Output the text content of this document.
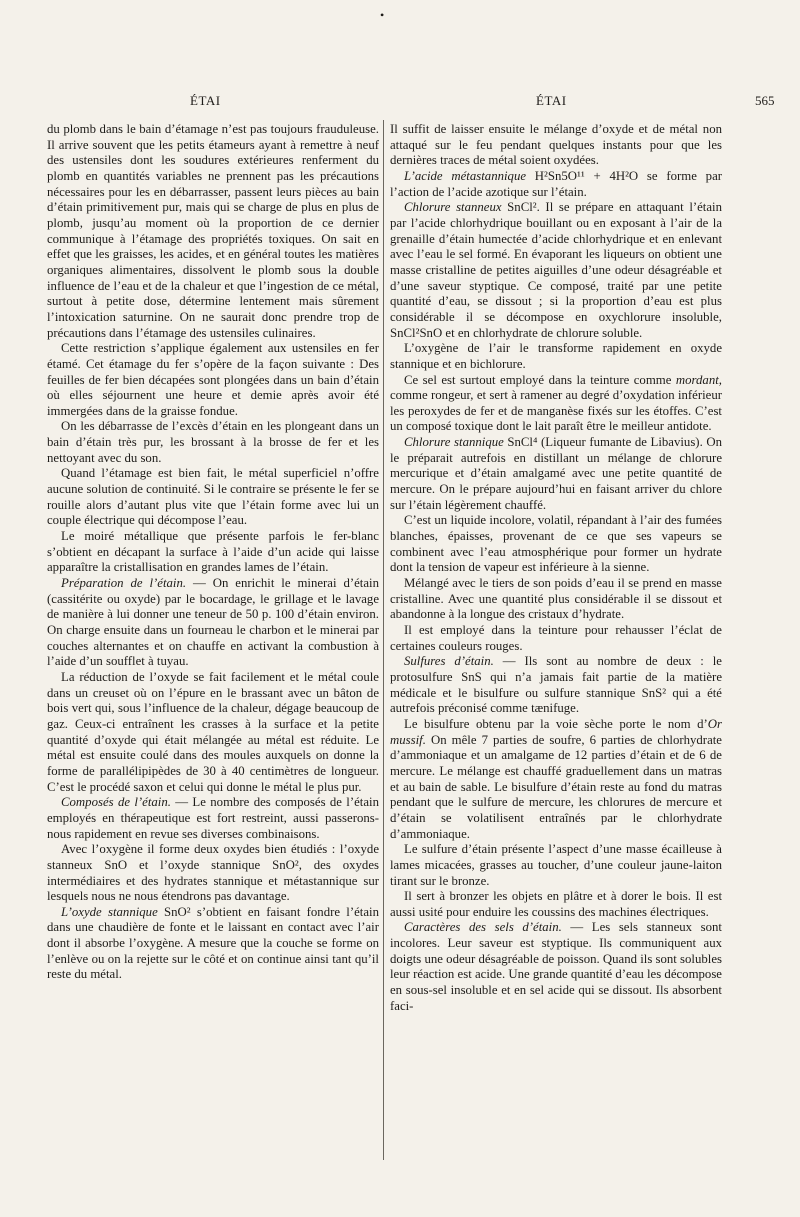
•
ÉTAI	ÉTAI	565

du plomb dans le bain d’étamage n’est pas toujours frauduleuse. Il arrive souvent que les petits étameurs ayant à remettre à neuf des ustensiles dont les soudures extérieures renferment du plomb en quantités variables ne prennent pas les précautions nécessaires pour les en débarrasser, passent leurs pièces au bain d’étain primitivement pur, mais qui se charge de plus en plus de plomb, jusqu’au moment où la proportion de ce dernier communique à l’étamage des propriétés toxiques. On sait en effet que les graisses, les acides, et en général toutes les matières organiques alimentaires, dissolvent le plomb sous la double influence de l’eau et de la chaleur et que l’ingestion de ce métal, surtout à petite dose, détermine lentement mais sûrement l’intoxication saturnine. On ne saurait donc prendre trop de précautions dans l’étamage des ustensiles culinaires.

Cette restriction s’applique également aux ustensiles en fer étamé. Cet étamage du fer s’opère de la façon suivante : Des feuilles de fer bien décapées sont plongées dans un bain d’étain où elles séjournent une heure et demie après avoir été immergées dans de la graisse fondue.

On les débarrasse de l’excès d’étain en les plongeant dans un bain d’étain très pur, les brossant à la brosse de fer et les nettoyant avec du son.

Quand l’étamage est bien fait, le métal superficiel n’offre aucune solution de continuité. Si le contraire se présente le fer se rouille alors d’autant plus vite que l’étain forme avec lui un couple électrique qui décompose l’eau.

Le moiré métallique que présente parfois le fer-blanc s’obtient en décapant la surface à l’aide d’un acide qui laisse apparaître la cristallisation en grandes lames de l’étain.

Préparation de l’étain. — On enrichit le minerai d’étain (cassitérite ou oxyde) par le bocardage, le grillage et le lavage de manière à lui donner une teneur de 50 p. 100 d’étain environ. On charge ensuite dans un fourneau le charbon et le minerai par couches alternantes et on chauffe en activant la combustion à l’aide d’un soufflet à tuyau.

La réduction de l’oxyde se fait facilement et le métal coule dans un creuset où on l’épure en le brassant avec un bâton de bois vert qui, sous l’influence de la chaleur, dégage beaucoup de gaz. Ceux-ci entraînent les crasses à la surface et la petite quantité d’oxyde qui était mélangée au métal est réduite. Le métal est ensuite coulé dans des moules auxquels on donne la forme de parallélipipèdes de 30 à 40 centimètres de longueur. C’est le procédé saxon et celui qui donne le métal le plus pur.

Composés de l’étain. — Le nombre des composés de l’étain employés en thérapeutique est fort restreint, aussi passerons-nous rapidement en revue ses diverses combinaisons.

Avec l’oxygène il forme deux oxydes bien étudiés : l’oxyde stanneux SnO et l’oxyde stannique SnO², des oxydes intermédiaires et des hydrates stannique et métastannique sur lesquels nous ne nous étendrons pas davantage.

L’oxyde stannique SnO² s’obtient en faisant fondre l’étain dans une chaudière de fonte et le laissant en contact avec l’air dont il absorbe l’oxygène. A mesure que la couche se forme on l’enlève ou on la rejette sur le côté et on continue ainsi tant qu’il reste du métal.

Il suffit de laisser ensuite le mélange d’oxyde et de métal non attaqué sur le feu pendant quelques instants pour que les dernières traces de métal soient oxydées.

L’acide métastannique H²Sn5O¹¹ + 4H²O se forme par l’action de l’acide azotique sur l’étain.

Chlorure stanneux SnCl². Il se prépare en attaquant l’étain par l’acide chlorhydrique bouillant ou en exposant à l’air de la grenaille d’étain humectée d’acide chlorhydrique et en enlevant avec l’eau le sel formé. En évaporant les liqueurs on obtient une masse cristalline de petites aiguilles d’une odeur désagréable et d’une saveur styptique. Ce composé, traité par une petite quantité d’eau, se dissout ; si la proportion d’eau est plus considérable il se décompose en oxychlorure insoluble, SnCl²SnO et en chlorhydrate de chlorure soluble.

L’oxygène de l’air le transforme rapidement en oxyde stannique et en bichlorure.

Ce sel est surtout employé dans la teinture comme mordant, comme rongeur, et sert à ramener au degré d’oxydation inférieur les peroxydes de fer et de manganèse fixés sur les étoffes. C’est un composé toxique dont le lait paraît être le meilleur antidote.

Chlorure stannique SnCl⁴ (Liqueur fumante de Libavius). On le préparait autrefois en distillant un mélange de chlorure mercurique et d’étain amalgamé avec une petite quantité de mercure. On le prépare aujourd’hui en faisant arriver du chlore sur l’étain légèrement chauffé.

C’est un liquide incolore, volatil, répandant à l’air des fumées blanches, épaisses, provenant de ce que ses vapeurs se combinent avec l’eau atmosphérique pour former un hydrate dont la tension de vapeur est inférieure à la sienne.

Mélangé avec le tiers de son poids d’eau il se prend en masse cristalline. Avec une quantité plus considérable il se dissout et abandonne à la longue des cristaux d’hydrate.

Il est employé dans la teinture pour rehausser l’éclat de certaines couleurs rouges.

Sulfures d’étain. — Ils sont au nombre de deux : le protosulfure SnS qui n’a jamais fait partie de la matière médicale et le bisulfure ou sulfure stannique SnS² qui a été autrefois préconisé comme tænifuge.

Le bisulfure obtenu par la voie sèche porte le nom d’Or mussif. On mêle 7 parties de soufre, 6 parties de chlorhydrate d’ammoniaque et un amalgame de 12 parties d’étain et de 6 de mercure. Le mélange est chauffé graduellement dans un matras et au bain de sable. Le bisulfure d’étain reste au fond du matras pendant que le sulfure de mercure, les chlorures de mercure et d’étain se volatilisent entraînés par le chlorhydrate d’ammoniaque.

Le sulfure d’étain présente l’aspect d’une masse écailleuse à lames micacées, grasses au toucher, d’une couleur jaune-laiton tirant sur le bronze.

Il sert à bronzer les objets en plâtre et à dorer le bois. Il est aussi usité pour enduire les coussins des machines électriques.

Caractères des sels d’étain. — Les sels stanneux sont incolores. Leur saveur est styptique. Ils communiquent aux doigts une odeur désagréable de poisson. Quand ils sont solubles leur réaction est acide. Une grande quantité d’eau les décompose en sous-sel insoluble et en sel acide qui se dissout. Ils absorbent faci-
